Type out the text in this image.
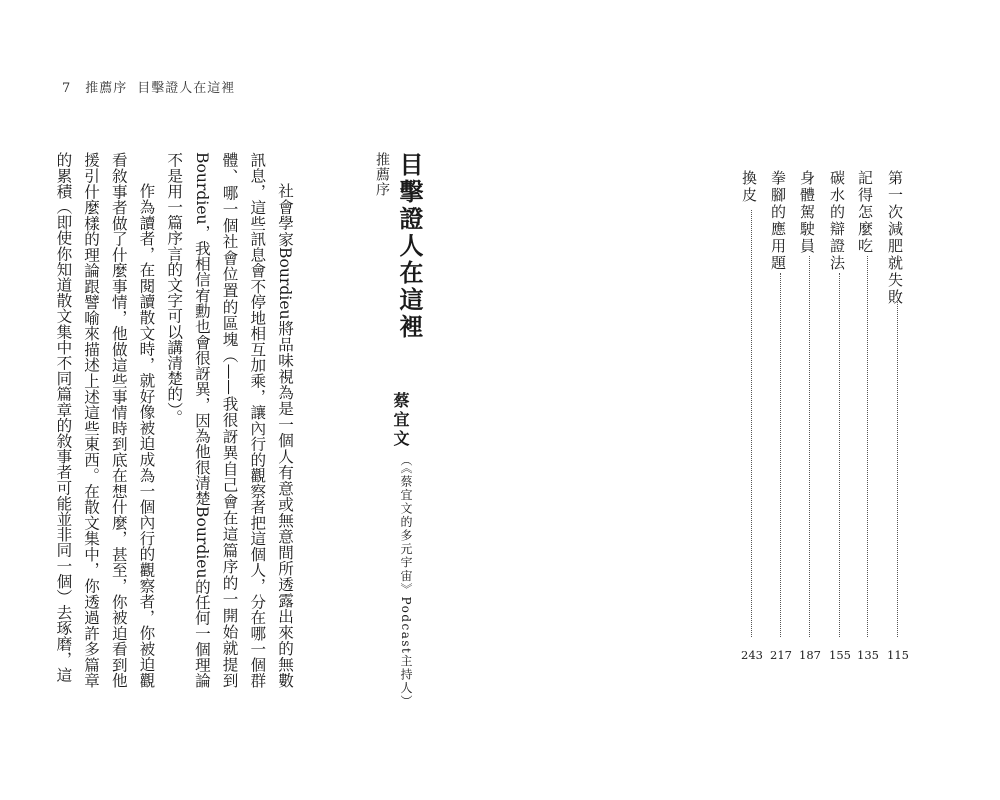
7 推薦序 目擊證人在這裡

社會學家Bourdieu將品味視為是一個人有意或無意間所透露出來的無數訊息，這些訊息會不停地相互加乘，讓內行的觀察者把這個人，分在哪一個群體、哪一個社會位置的區塊（——我很訝異自己會在這篇序的一開始就提到Bourdieu，我相信宥勳也會很訝異，因為他很清楚Bourdieu的任何一個理論不是用一篇序言的文字可以講清楚的）。

作為讀者，在閱讀散文時，就好像被迫成為一個內行的觀察者，你被迫觀看敘事者做了什麼事情，他做這些事情時到底在想什麼，甚至，你被迫看到他援引什麼樣的理論跟譬喻來描述上述這些東西。在散文集中，你透過許多篇章的累積（即使你知道散文集中不同篇章的敘事者可能並非同一個）去琢磨，這	推薦序 目擊證人在這裡
蔡宜文
（《蔡宜文的多元宇宙》Podcast主持人）
第一次減肥就失敗
115
記得怎麼吃
135
碳水的辯證法
155
身體駕駛員
187
拳腳的應用題
217
換皮
243
